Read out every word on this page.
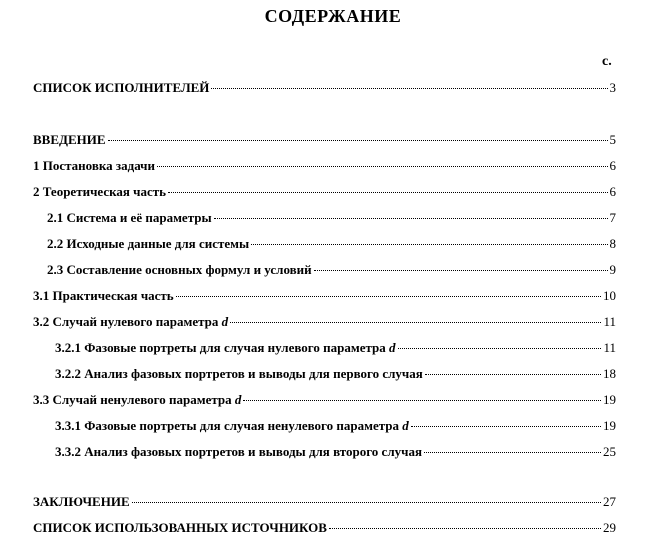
СОДЕРЖАНИЕ
с.
СПИСОК ИСПОЛНИТЕЛЕЙ	3
ВВЕДЕНИЕ	5
1 Постановка задачи	6
2 Теоретическая часть	6
2.1 Система и её параметры	7
2.2 Исходные данные для системы	8
2.3 Составление основных формул и условий	9
3.1 Практическая часть	10
3.2 Случай нулевого параметра d	11
3.2.1 Фазовые портреты для случая нулевого параметра d	11
3.2.2 Анализ фазовых портретов и выводы для первого случая	18
3.3 Случай ненулевого параметра d	19
3.3.1 Фазовые портреты для случая ненулевого параметра d	19
3.3.2 Анализ фазовых портретов и выводы для второго случая	25
ЗАКЛЮЧЕНИЕ	27
СПИСОК ИСПОЛЬЗОВАННЫХ ИСТОЧНИКОВ	29
